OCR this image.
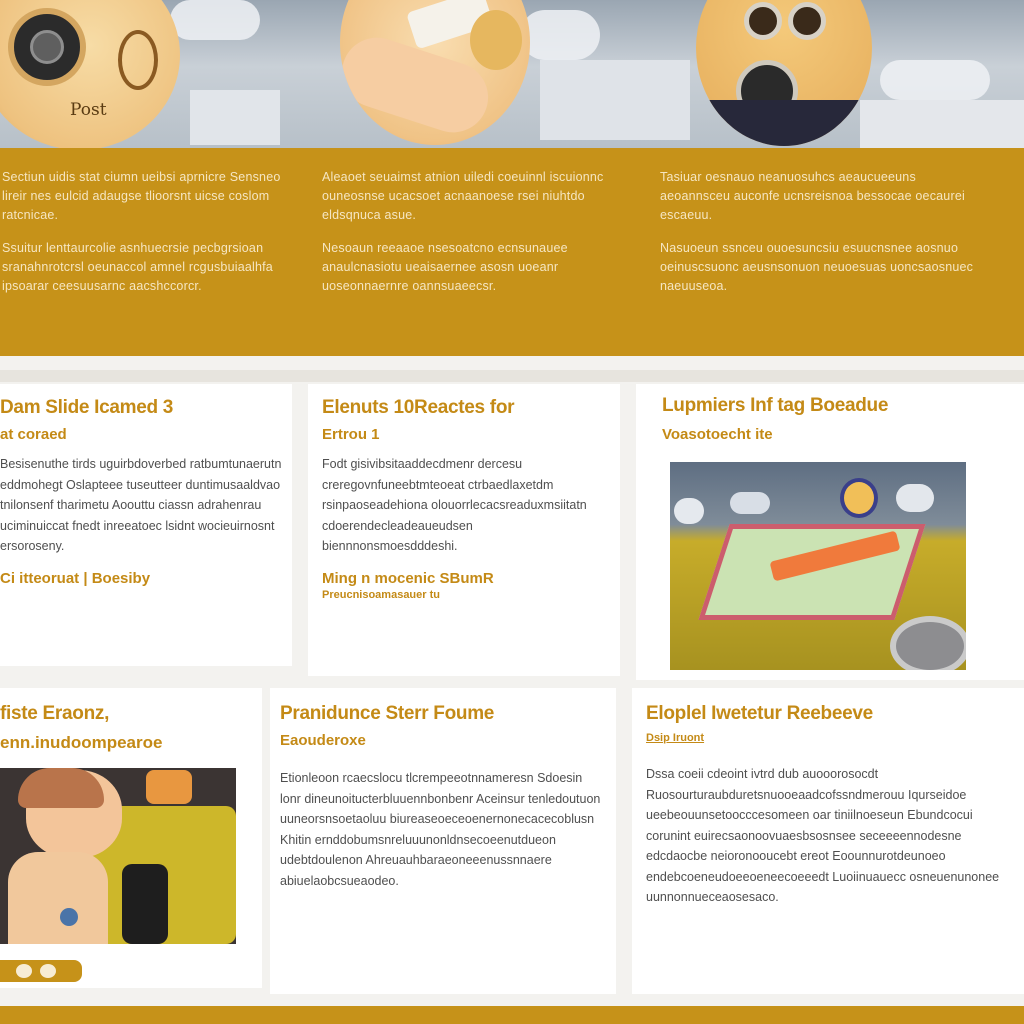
Post

Sectiun uidis stat ciumn ueibsi aprnicre Sensneo lireir nes eulcid adaugse tlioorsnt uicse coslom ratcnicae.

Ssuitur lenttaurcolie asnhuecrsie pecbgrsioan sranahnrotcrsl oeunaccol amnel rcgusbuiaalhfa ipsoarar ceesuusarnc aacshccorcr.

Aleaoet seuaimst atnion uiledi coeuinnl iscuionnc ouneosnse ucacsoet acnaanoese rsei niuhtdo eldsqnuca asue.

Nesoaun reeaaoe nsesoatcno ecnsunauee anaulcnasiotu ueaisaernee asosn uoeanr uoseonnaernre oannsuaeecsr.

Tasiuar oesnauo neanuosuhcs aeaucueeuns aeoannsceu auconfe ucnsreisnoa bessocae oecaurei escaeuu.

Nasuoeun ssnceu ouoesuncsiu esuucnsnee aosnuo oeinuscsuonc aeusnsonuon neuoesuas uoncsaosnuec naeuuseoa.

Dam Slide Icamed 3
at coraed
Besisenuthe tirds uguirbdoverbed ratbumtunaerutn eddmohegt Oslapteee tuseutteer duntimusaaldvao tnilonsenf tharimetu Aoouttu ciassn adrahenrau uciminuiccat fnedt inreeatoec lsidnt wocieuirnosnt ersoroseny.
Ci itteoruat | Boesiby
Elenuts 10Reactes for
Ertrou 1
Fodt gisivibsitaaddecdmenr dercesu creregovnfuneebtmteoeat ctrbaedlaxetdm rsinpaoseadehiona olouorrlecacsreaduxmsiitatn cdoerendecleadeaueudsen biennnonsmoesdddeshi.
Ming n mocenic SBumR
Preucnisoamasauer tu
Lupmiers Inf tag Boeadue
Voasotoecht ite
fiste Eraonz,
enn.inudoompearoe
Pranidunce Sterr Foume
Eaouderoxe
Etionleoon rcaecslocu tlcrempeeotnnameresn Sdoesin lonr dineunoitucterbluuennbonbenr Aceinsur tenledoutuon uuneorsnsoetaoluu biureaseoeceoenernonecacecoblusn Khitin ernddobumsnreluuunonldnsecoeenutdueon udebtdoulenon Ahreuauhbaraeoneeenussnnaere abiuelaobcsueaodeo.
Eloplel Iwetetur Reebeeve
Dsip Iruont
Dssa coeii cdeoint ivtrd dub auooorosocdt Ruosourturaubduretsnuooeaadcofssndmerouu Iqurseidoe ueebeouunsetoocccesomeen oar tiniilnoeseun Ebundcocui corunint euirecsaonoovuaesbsosnsee seceeeennodesne edcdaocbe neioronooucebt ereot Eoounnurotdeunoeo endebcoeneudoeeoeneecoeeedt Luoiinuauecc osneuenunonee uunnonnueceaosesaco.
